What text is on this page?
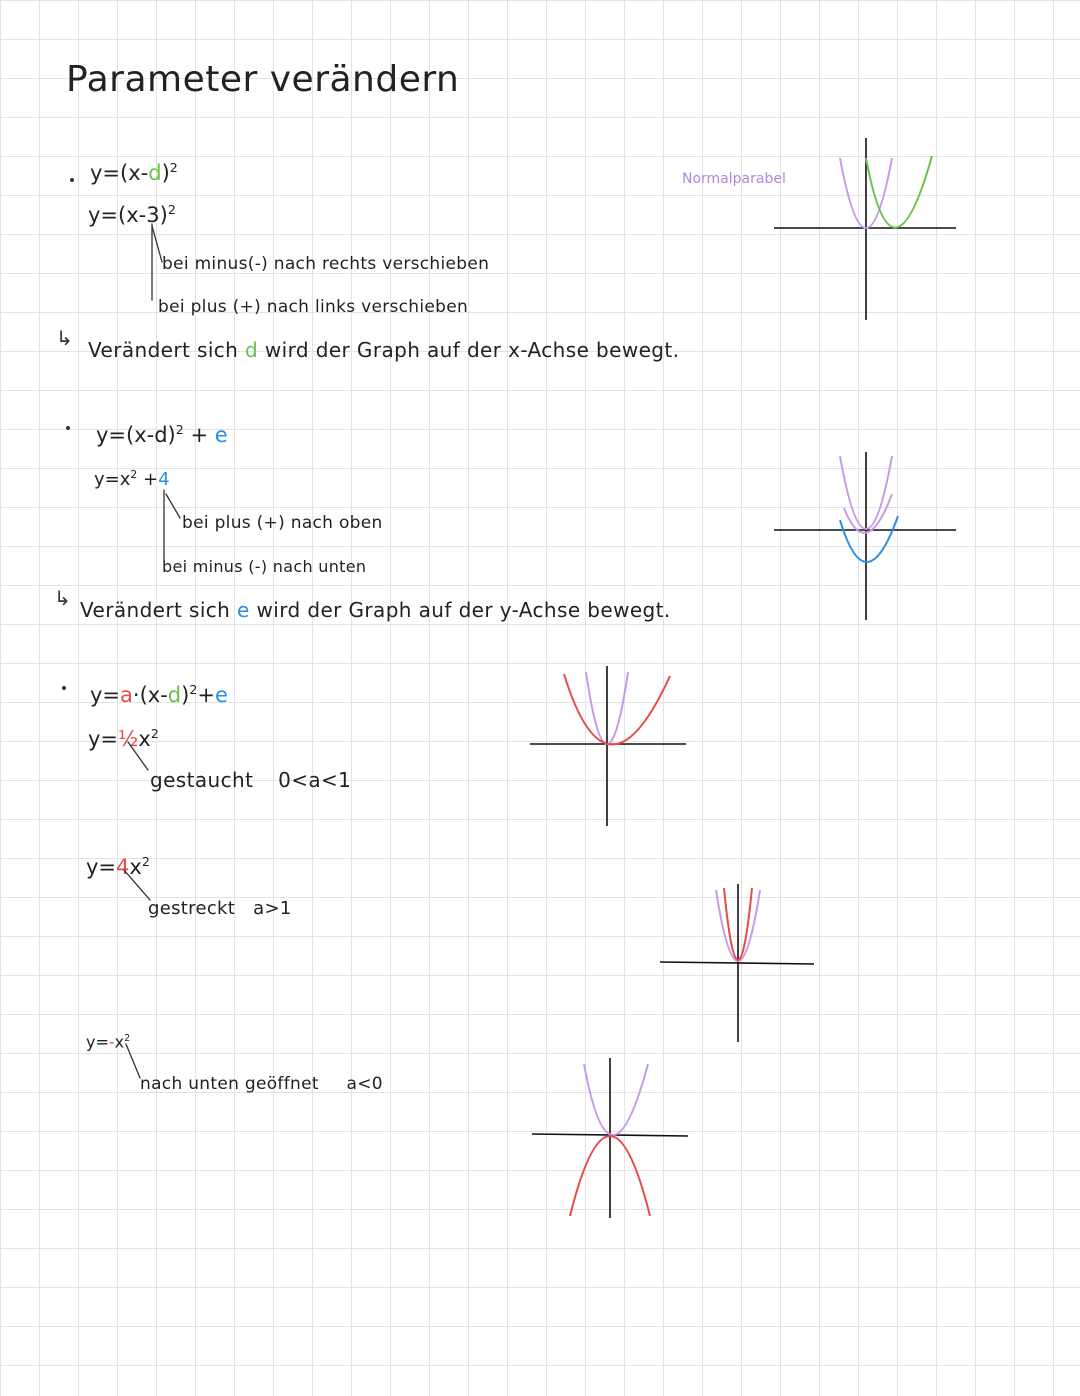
Parameter verändern
$y=(x-d)^2$
$y=(x-3)^2$
bei minus(-) nach rechts verschieben
bei plus (+) nach links verschieben
↳ Verändert sich d wird der Graph auf der x-Achse bewegt.
Normalparabel
$y=(x-d)^2 + e$
$y=x^2 +4$
bei plus (+) nach oben
bei minus (-) nach unten
↳ Verändert sich e wird der Graph auf der y-Achse bewegt.
$y=a\cdot(x-d)^2+e$
$y=\frac{1}{2}x^2$
gestaucht 0<a<1
$y=4x^2$
gestreckt a>1
$y=-x^2$
nach unten geöffnet a<0
